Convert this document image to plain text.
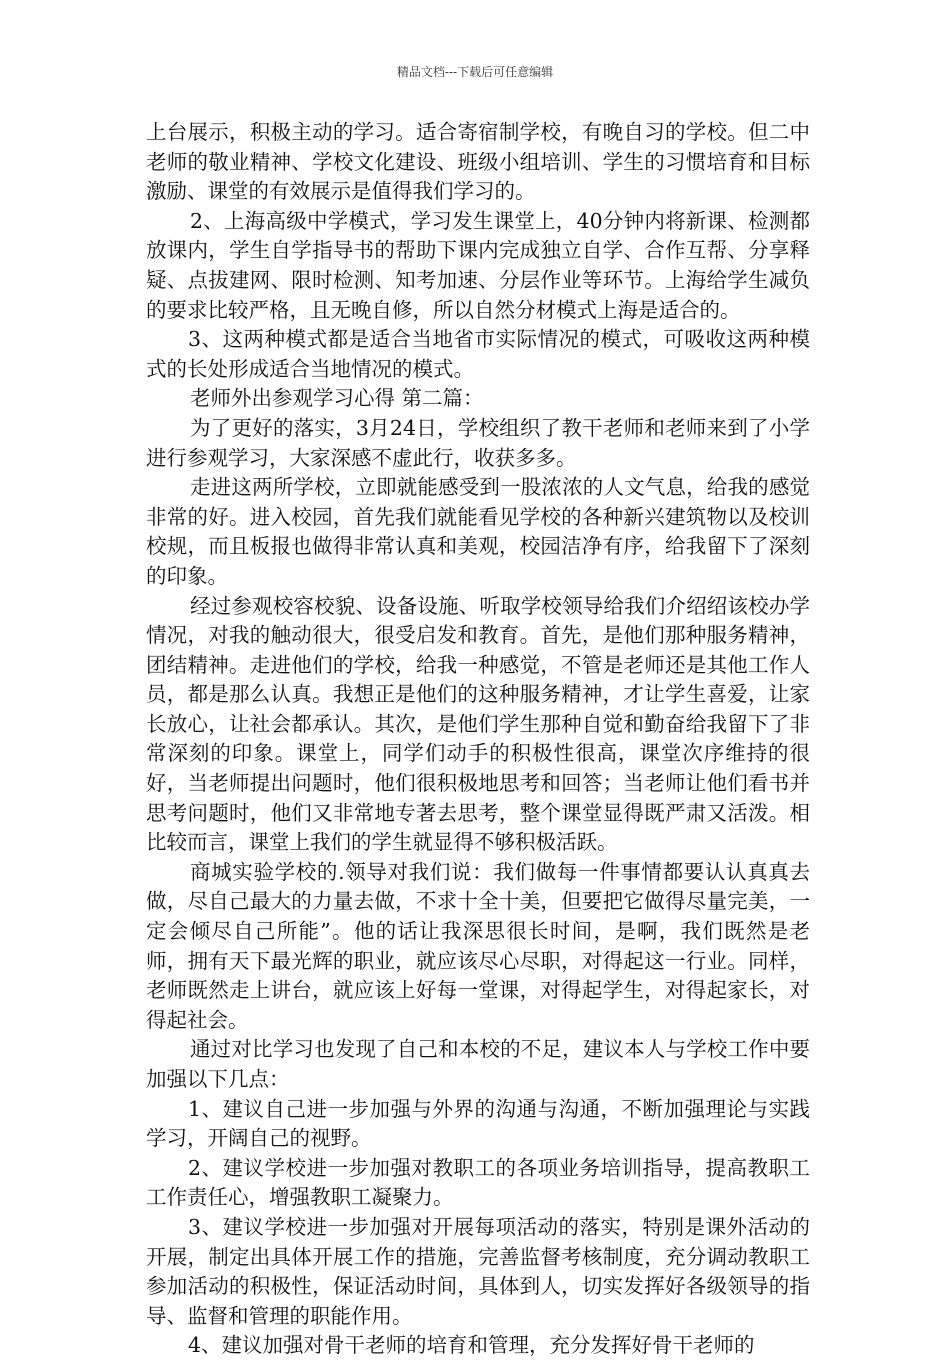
精品文档---下载后可任意编辑

上台展示，积极主动的学习。适合寄宿制学校，有晚自习的学校。但二中老师的敬业精神、学校文化建设、班级小组培训、学生的习惯培育和目标激励、课堂的有效展示是值得我们学习的。

2、上海高级中学模式，学习发生课堂上，40分钟内将新课、检测都放课内，学生自学指导书的帮助下课内完成独立自学、合作互帮、分享释疑、点拔建网、限时检测、知考加速、分层作业等环节。上海给学生减负的要求比较严格，且无晚自修，所以自然分材模式上海是适合的。

3、这两种模式都是适合当地省市实际情况的模式，可吸收这两种模式的长处形成适合当地情况的模式。

老师外出参观学习心得 第二篇：

为了更好的落实，3月24日，学校组织了教干老师和老师来到了小学进行参观学习，大家深感不虚此行，收获多多。

走进这两所学校，立即就能感受到一股浓浓的人文气息，给我的感觉非常的好。进入校园，首先我们就能看见学校的各种新兴建筑物以及校训校规，而且板报也做得非常认真和美观，校园洁净有序，给我留下了深刻的印象。

经过参观校容校貌、设备设施、听取学校领导给我们介绍绍该校办学情况，对我的触动很大，很受启发和教育。首先，是他们那种服务精神，团结精神。走进他们的学校，给我一种感觉，不管是老师还是其他工作人员，都是那么认真。我想正是他们的这种服务精神，才让学生喜爱，让家长放心，让社会都承认。其次，是他们学生那种自觉和勤奋给我留下了非常深刻的印象。课堂上，同学们动手的积极性很高，课堂次序维持的很好，当老师提出问题时，他们很积极地思考和回答；当老师让他们看书并思考问题时，他们又非常地专著去思考，整个课堂显得既严肃又活泼。相比较而言，课堂上我们的学生就显得不够积极活跃。

商城实验学校的.领导对我们说：我们做每一件事情都要认认真真去做，尽自己最大的力量去做，不求十全十美，但要把它做得尽量完美，一定会倾尽自己所能”。他的话让我深思很长时间，是啊，我们既然是老师，拥有天下最光辉的职业，就应该尽心尽职，对得起这一行业。同样，老师既然走上讲台，就应该上好每一堂课，对得起学生，对得起家长，对得起社会。

通过对比学习也发现了自己和本校的不足，建议本人与学校工作中要加强以下几点：

1、建议自己进一步加强与外界的沟通与沟通，不断加强理论与实践学习，开阔自己的视野。

2、建议学校进一步加强对教职工的各项业务培训指导，提高教职工工作责任心，增强教职工凝聚力。

3、建议学校进一步加强对开展每项活动的落实，特别是课外活动的开展，制定出具体开展工作的措施，完善监督考核制度，充分调动教职工参加活动的积极性，保证活动时间，具体到人，切实发挥好各级领导的指导、监督和管理的职能作用。

4、建议加强对骨干老师的培育和管理，充分发挥好骨干老师的
